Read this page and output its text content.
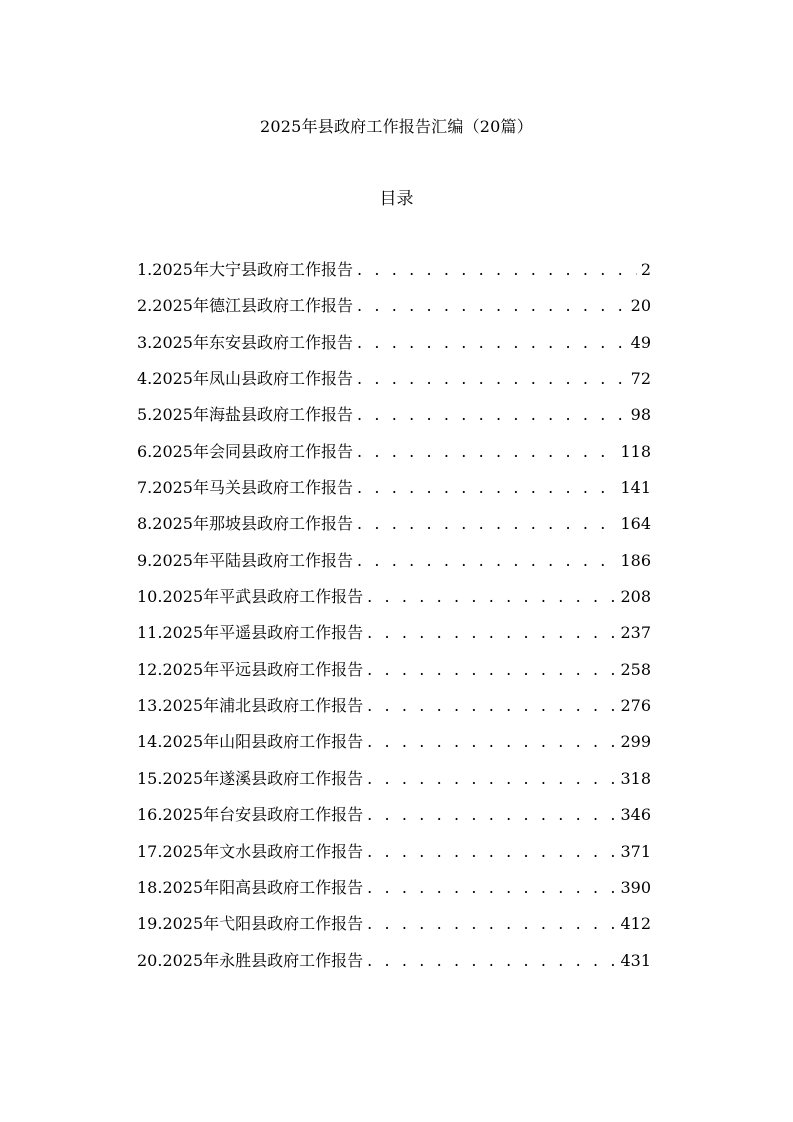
2025年县政府工作报告汇编（20篇）
目录
1.2025年大宁县政府工作报告 . . .	2
2.2025年德江县政府工作报告 . . .	20
3.2025年东安县政府工作报告 . . .	49
4.2025年凤山县政府工作报告 . . .	72
5.2025年海盐县政府工作报告 . . .	98
6.2025年会同县政府工作报告 . . .	118
7.2025年马关县政府工作报告 . . .	141
8.2025年那坡县政府工作报告 . . .	164
9.2025年平陆县政府工作报告 . . .	186
10.2025年平武县政府工作报告 . . .	208
11.2025年平遥县政府工作报告 . . .	237
12.2025年平远县政府工作报告 . . .	258
13.2025年浦北县政府工作报告 . . .	276
14.2025年山阳县政府工作报告 . . .	299
15.2025年遂溪县政府工作报告 . . .	318
16.2025年台安县政府工作报告 . . .	346
17.2025年文水县政府工作报告 . . .	371
18.2025年阳高县政府工作报告 . . .	390
19.2025年弋阳县政府工作报告 . . .	412
20.2025年永胜县政府工作报告 . . .	431
